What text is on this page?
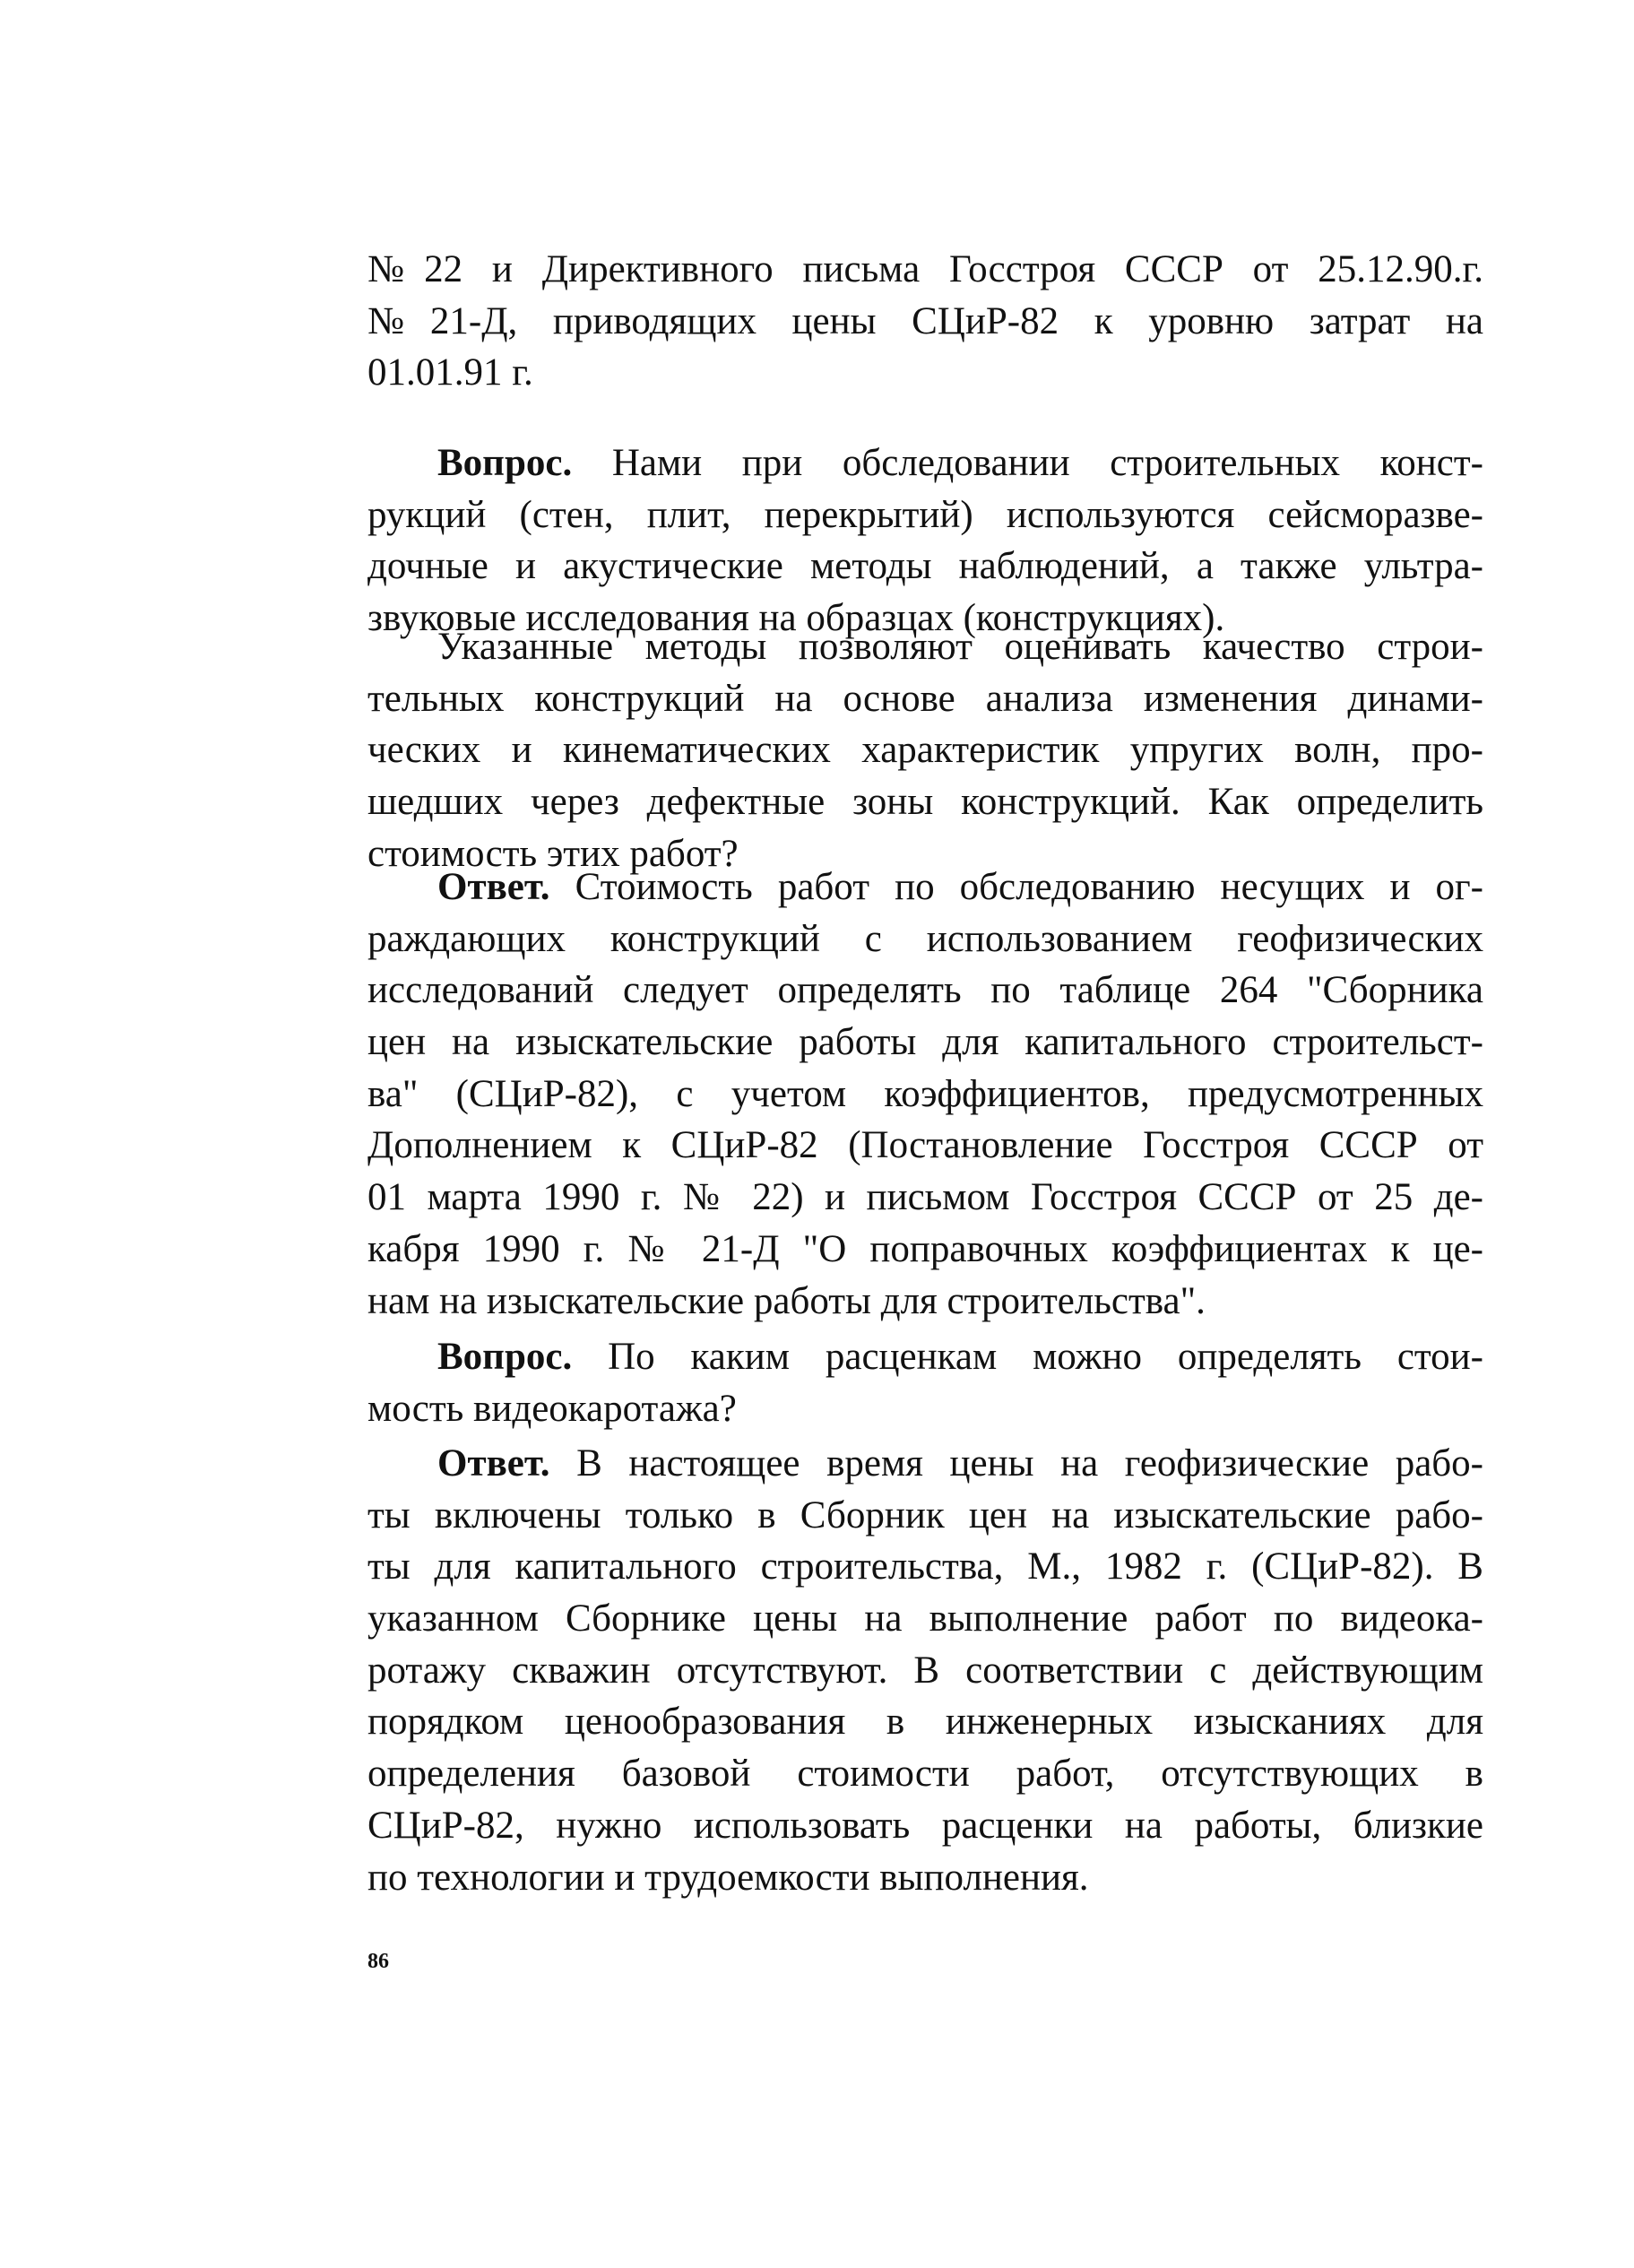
№22 и Директивного письма Госстроя СССР от 25.12.90.г.
№21-Д, приводящих цены СЦиР-82 к уровню затрат на
01.01.91 г.
Вопрос. Нами при обследовании строительных конст-
рукций (стен, плит, перекрытий) используются сейсморазве-
дочные и акустические методы наблюдений, а также ультра-
звуковые исследования на образцах (конструкциях).
Указанные методы позволяют оценивать качество строи-
тельных конструкций на основе анализа изменения динами-
ческих и кинематических характеристик упругих волн, про-
шедших через дефектные зоны конструкций. Как определить
стоимость этих работ?
Ответ. Стоимость работ по обследованию несущих и ог-
раждающих конструкций с использованием геофизических
исследований следует определять по таблице 264 "Сборника
цен на изыскательские работы для капитального строительст-
ва" (СЦиР-82), с учетом коэффициентов, предусмотренных
Дополнением к СЦиР-82 (Постановление Госстроя СССР от
01 марта 1990 г. № 22) и письмом Госстроя СССР от 25 де-
кабря 1990 г. № 21-Д "О поправочных коэффициентах к це-
нам на изыскательские работы для строительства".
Вопрос. По каким расценкам можно определять стои-
мость видеокаротажа?
Ответ. В настоящее время цены на геофизические рабо-
ты включены только в Сборник цен на изыскательские рабо-
ты для капитального строительства, М., 1982 г. (СЦиР-82). В
указанном Сборнике цены на выполнение работ по видеока-
ротажу скважин отсутствуют. В соответствии с действующим
порядком ценообразования в инженерных изысканиях для
определения базовой стоимости работ, отсутствующих в
СЦиР-82, нужно использовать расценки на работы, близкие
по технологии и трудоемкости выполнения.
86
